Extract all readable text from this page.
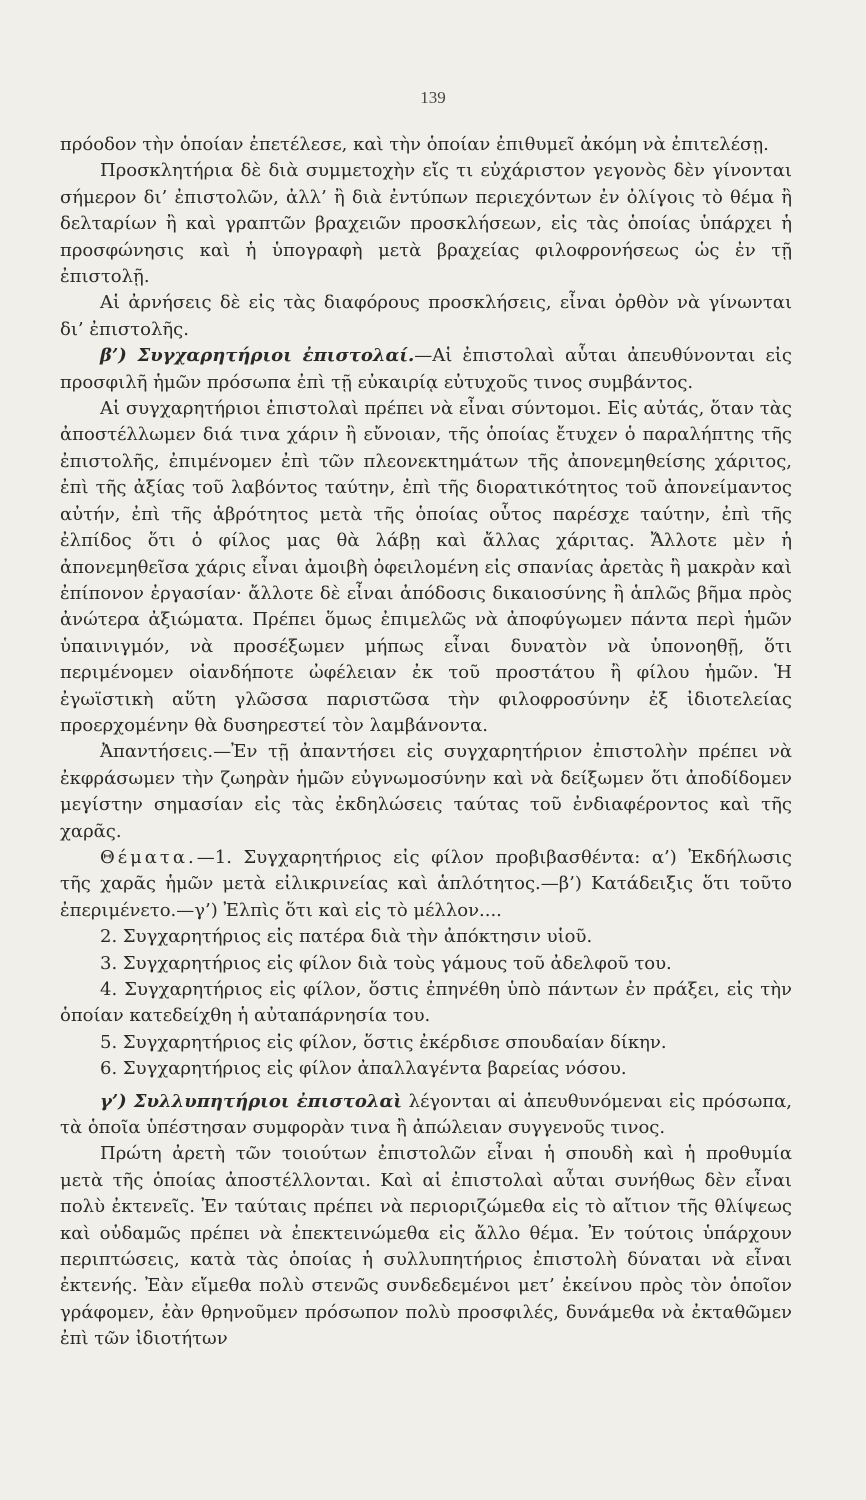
139

πρόοδον τὴν ὁποίαν ἐπετέλεσε, καὶ τὴν ὁποίαν ἐπιθυμεῖ ἀκόμη νὰ ἐπιτελέσῃ.

Προσκλητήρια δὲ διὰ συμμετοχὴν εἴς τι εὐχάριστον γεγονὸς δὲν γίνονται σήμερον δι’ ἐπιστολῶν, ἀλλ’ ἢ διὰ ἐντύπων περιεχόντων ἐν ὀλίγοις τὸ θέμα ἢ δελταρίων ἢ καὶ γραπτῶν βραχειῶν προσκλήσεων, εἰς τὰς ὁποίας ὑπάρχει ἡ προσφώνησις καὶ ἡ ὑπογραφὴ μετὰ βραχείας φιλοφρονήσεως ὡς ἐν τῇ ἐπιστολῇ.

Αἱ ἀρνήσεις δὲ εἰς τὰς διαφόρους προσκλήσεις, εἶναι ὀρθὸν νὰ γίνωνται δι’ ἐπιστολῆς.

β’) Συγχαρητήριοι ἐπιστολαί.—Αἱ ἐπιστολαὶ αὗται ἀπευθύνονται εἰς προσφιλῆ ἡμῶν πρόσωπα ἐπὶ τῇ εὐκαιρίᾳ εὐτυχοῦς τινος συμβάντος.

Αἱ συγχαρητήριοι ἐπιστολαὶ πρέπει νὰ εἶναι σύντομοι. Εἰς αὐτάς, ὅταν τὰς ἀποστέλλωμεν διά τινα χάριν ἢ εὔνοιαν, τῆς ὁποίας ἔτυχεν ὁ παραλήπτης τῆς ἐπιστολῆς, ἐπιμένομεν ἐπὶ τῶν πλεονεκτημάτων τῆς ἀπονεμηθείσης χάριτος, ἐπὶ τῆς ἀξίας τοῦ λαβόντος ταύτην, ἐπὶ τῆς διορατικότητος τοῦ ἀπονείμαντος αὐτήν, ἐπὶ τῆς ἁβρότητος μετὰ τῆς ὁποίας οὗτος παρέσχε ταύτην, ἐπὶ τῆς ἐλπίδος ὅτι ὁ φίλος μας θὰ λάβῃ καὶ ἄλλας χάριτας. Ἄλλοτε μὲν ἡ ἀπονεμηθεῖσα χάρις εἶναι ἀμοιβὴ ὀφειλομένη εἰς σπανίας ἀρετὰς ἢ μακρὰν καὶ ἐπίπονον ἐργασίαν· ἄλλοτε δὲ εἶναι ἀπόδοσις δικαιοσύνης ἢ ἁπλῶς βῆμα πρὸς ἀνώτερα ἀξιώματα. Πρέπει ὅμως ἐπιμελῶς νὰ ἀποφύγωμεν πάντα περὶ ἡμῶν ὑπαινιγμόν, νὰ προσέξωμεν μήπως εἶναι δυνατὸν νὰ ὑπονοηθῇ, ὅτι περιμένομεν οἱανδήποτε ὠφέλειαν ἐκ τοῦ προστάτου ἢ φίλου ἡμῶν. Ἡ ἐγωϊστικὴ αὕτη γλῶσσα παριστῶσα τὴν φιλοφροσύνην ἐξ ἰδιοτελείας προερχομένην θὰ δυσηρεστεί τὸν λαμβάνοντα.

Ἀπαντήσεις.—Ἐν τῇ ἀπαντήσει εἰς συγχαρητήριον ἐπιστολὴν πρέπει νὰ ἐκφράσωμεν τὴν ζωηρὰν ἡμῶν εὐγνωμοσύνην καὶ νὰ δείξωμεν ὅτι ἀποδίδομεν μεγίστην σημασίαν εἰς τὰς ἐκδηλώσεις ταύτας τοῦ ἐνδιαφέροντος καὶ τῆς χαρᾶς.

Θέματα.—1. Συγχαρητήριος εἰς φίλον προβιβασθέντα: α’) Ἐκδήλωσις τῆς χαρᾶς ἡμῶν μετὰ εἰλικρινείας καὶ ἁπλότητος.—β’) Κατάδειξις ὅτι τοῦτο ἐπεριμένετο.—γ’) Ἐλπὶς ὅτι καὶ εἰς τὸ μέλλον....

2. Συγχαρητήριος εἰς πατέρα διὰ τὴν ἀπόκτησιν υἱοῦ.

3. Συγχαρητήριος εἰς φίλον διὰ τοὺς γάμους τοῦ ἀδελφοῦ του.

4. Συγχαρητήριος εἰς φίλον, ὅστις ἐπηνέθη ὑπὸ πάντων ἐν πράξει, εἰς τὴν ὁποίαν κατεδείχθη ἡ αὐταπάρνησία του.

5. Συγχαρητήριος εἰς φίλον, ὅστις ἐκέρδισε σπουδαίαν δίκην.

6. Συγχαρητήριος εἰς φίλον ἀπαλλαγέντα βαρείας νόσου.

γ’) Συλλυπητήριοι ἐπιστολαὶ λέγονται αἱ ἀπευθυνόμεναι εἰς πρόσωπα, τὰ ὁποῖα ὑπέστησαν συμφορὰν τινα ἢ ἀπώλειαν συγγενοῦς τινος.

Πρώτη ἀρετὴ τῶν τοιούτων ἐπιστολῶν εἶναι ἡ σπουδὴ καὶ ἡ προθυμία μετὰ τῆς ὁποίας ἀποστέλλονται. Καὶ αἱ ἐπιστολαὶ αὗται συνήθως δὲν εἶναι πολὺ ἐκτενεῖς. Ἐν ταύταις πρέπει νὰ περιοριζώμεθα εἰς τὸ αἴτιον τῆς θλίψεως καὶ οὐδαμῶς πρέπει νὰ ἐπεκτεινώμεθα εἰς ἄλλο θέμα. Ἐν τούτοις ὑπάρχουν περιπτώσεις, κατὰ τὰς ὁποίας ἡ συλλυπητήριος ἐπιστολὴ δύναται νὰ εἶναι ἐκτενής. Ἐὰν εἴμεθα πολὺ στενῶς συνδεδεμένοι μετ’ ἐκείνου πρὸς τὸν ὁποῖον γράφομεν, ἐὰν θρηνοῦμεν πρόσωπον πολὺ προσφιλές, δυνάμεθα νὰ ἐκταθῶμεν ἐπὶ τῶν ἰδιοτήτων
